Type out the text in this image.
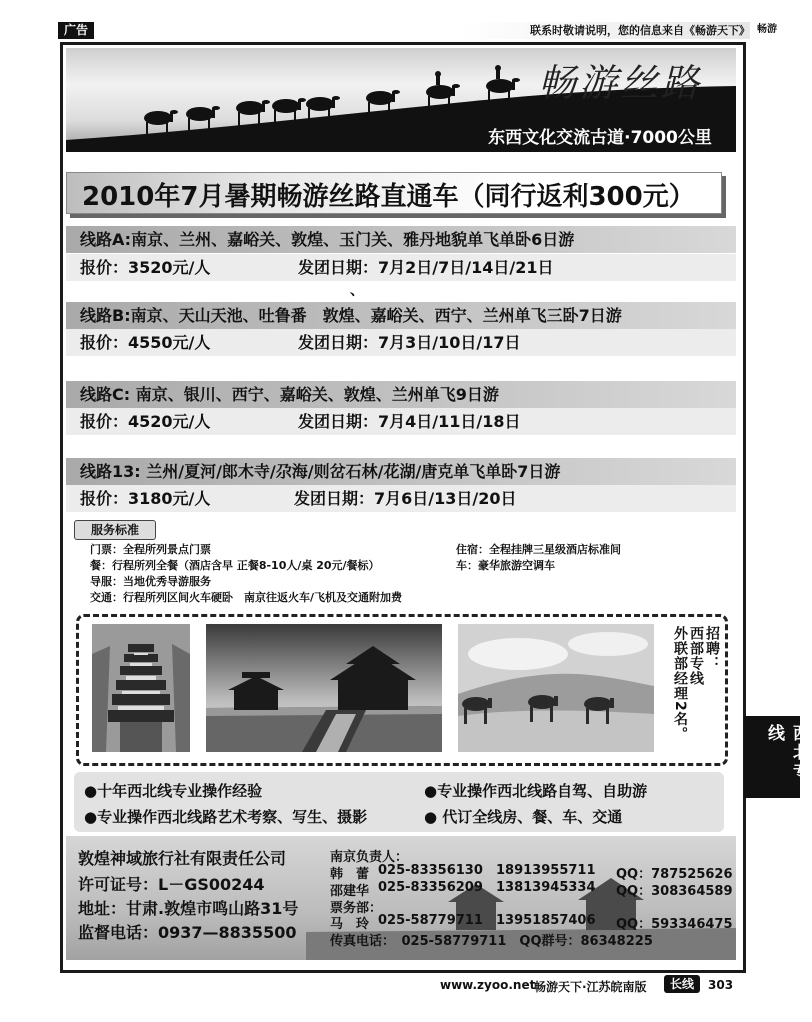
广告	联系时敬请说明，您的信息来自《畅游天下》 畅游
畅游丝路
东西文化交流古道·7000公里
2010年7月暑期畅游丝路直通车（同行返利300元）
线路A:南京、兰州、嘉峪关、敦煌、玉门关、雅丹地貌单飞单卧6日游
报价：3520元/人	发团日期：7月2日/7日/14日/21日
、
线路B:南京、天山天池、吐鲁番　敦煌、嘉峪关、西宁、兰州单飞三卧7日游
报价：4550元/人	发团日期：7月3日/10日/17日
线路C: 南京、银川、西宁、嘉峪关、敦煌、兰州单飞9日游
报价：4520元/人	发团日期：7月4日/11日/18日
线路13: 兰州/夏河/郎木寺/尕海/则岔石林/花湖/唐克单飞单卧7日游
报价：3180元/人	发团日期：7月6日/13日/20日
服务标准
门票：全程所列景点门票
餐：行程所列全餐（酒店含早 正餐8-10人/桌 20元/餐标）
导服：当地优秀导游服务
交通：行程所列区间火车硬卧　南京往返火车/飞机及交通附加费
住宿：全程挂牌三星级酒店标准间
车：豪华旅游空调车
招聘：
西部专线
外联部经理2名。
西北专线
●十年西北线专业操作经验	●专业操作西北线路自驾、自助游
●专业操作西北线路艺术考察、写生、摄影	● 代订全线房、餐、车、交通
敦煌神域旅行社有限责任公司
许可证号：L－GS00244
地址：甘肃.敦煌市鸣山路31号
监督电话：0937—8835500
南京负责人：
韩　蕾 025-83356130 18913955711 QQ：787525626
邵建华 025-83356209 13813945334 QQ：308364589
票务部：
马　玲 025-58779711 13951857406 QQ：593346475
传真电话：　025-58779711　QQ群号：86348225
www.zyoo.net
畅游天下·江苏皖南版	长线	303
